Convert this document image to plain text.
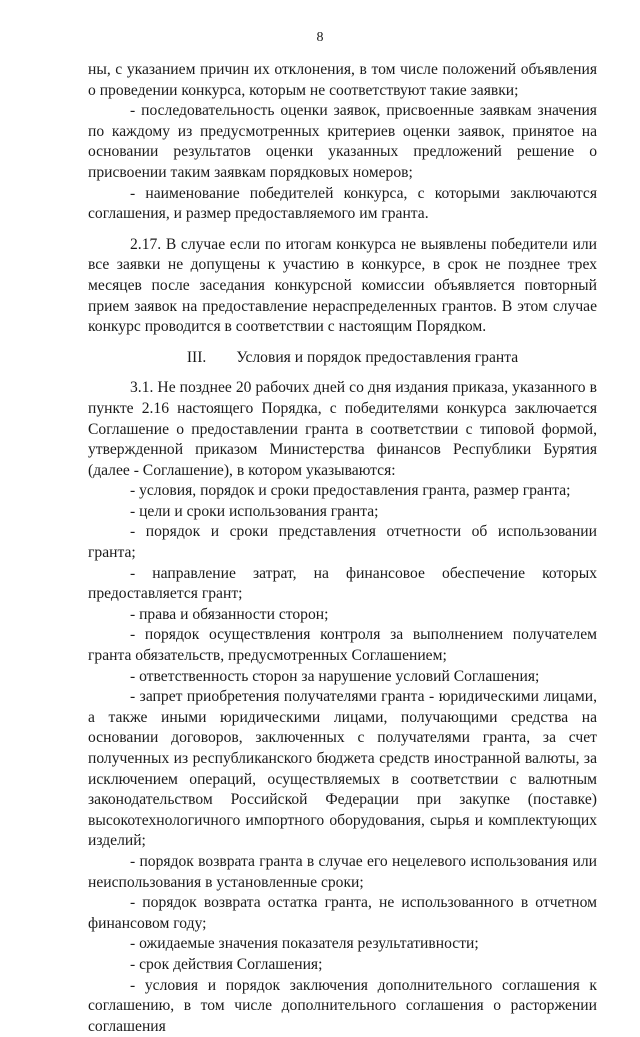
8

ны, с указанием причин их отклонения, в том числе положений объявления о проведении конкурса, которым не соответствуют такие заявки;

- последовательность оценки заявок, присвоенные заявкам значения по каждому из предусмотренных критериев оценки заявок, принятое на основании результатов оценки указанных предложений решение о присвоении таким заявкам порядковых номеров;

- наименование победителей конкурса, с которыми заключаются соглашения, и размер предоставляемого им гранта.

2.17. В случае если по итогам конкурса не выявлены победители или все заявки не допущены к участию в конкурсе, в срок не позднее трех месяцев после заседания конкурсной комиссии объявляется повторный прием заявок на предоставление нераспределенных грантов. В этом случае конкурс проводится в соответствии с настоящим Порядком.

III. Условия и порядок предоставления гранта

3.1. Не позднее 20 рабочих дней со дня издания приказа, указанного в пункте 2.16 настоящего Порядка, с победителями конкурса заключается Соглашение о предоставлении гранта в соответствии с типовой формой, утвержденной приказом Министерства финансов Республики Бурятия (далее - Соглашение), в котором указываются:

- условия, порядок и сроки предоставления гранта, размер гранта;

- цели и сроки использования гранта;

- порядок и сроки представления отчетности об использовании гранта;

- направление затрат, на финансовое обеспечение которых предоставляется грант;

- права и обязанности сторон;

- порядок осуществления контроля за выполнением получателем гранта обязательств, предусмотренных Соглашением;

- ответственность сторон за нарушение условий Соглашения;

- запрет приобретения получателями гранта - юридическими лицами, а также иными юридическими лицами, получающими средства на основании договоров, заключенных с получателями гранта, за счет полученных из республиканского бюджета средств иностранной валюты, за исключением операций, осуществляемых в соответствии с валютным законодательством Российской Федерации при закупке (поставке) высокотехнологичного импортного оборудования, сырья и комплектующих изделий;

- порядок возврата гранта в случае его нецелевого использования или неиспользования в установленные сроки;

- порядок возврата остатка гранта, не использованного в отчетном финансовом году;

- ожидаемые значения показателя результативности;

- срок действия Соглашения;

- условия и порядок заключения дополнительного соглашения к соглашению, в том числе дополнительного соглашения о расторжении соглашения
